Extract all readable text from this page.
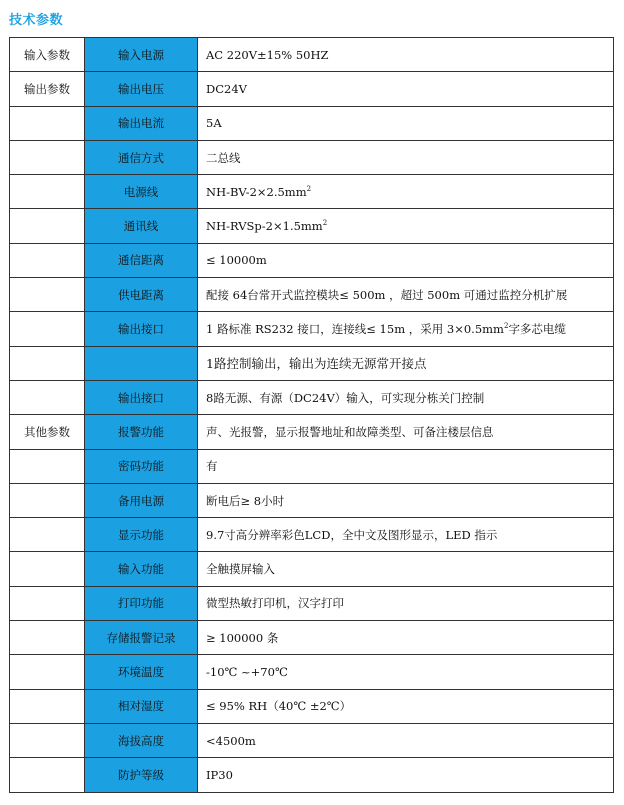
技术参数
输入参数	输入电源	AC 220V±15% 50HZ
输出参数	输出电压	DC24V
	输出电流	5A
	通信方式	二总线
	电源线	$NH-BV-2\times 2.5mm^2$
	通讯线	$NH-RVSp-2\times 1.5mm^2$
	通信距离	≤ 10000m
	供电距离	配接 64台常开式监控模块≤ 500m ，超过 500m 可通过监控分机扩展
	输出接口	1 路标准 RS232 接口，连接线≤ 15m ，采用 $3\times 0.5mm^2$字多芯电缆
		1路控制输出，输出为连续无源常开接点
	输出接口	8路无源、有源（DC24V）输入，可实现分栋关门控制
其他参数	报警功能	声、光报警，显示报警地址和故障类型、可备注楼层信息
	密码功能	有
	备用电源	断电后≥ 8小时
	显示功能	9.7寸高分辨率彩色LCD，全中文及图形显示，LED 指示
	输入功能	全触摸屏输入
	打印功能	微型热敏打印机，汉字打印
	存储报警记录	≥ 100000 条
	环境温度	-10℃ ~+70℃
	相对湿度	≤ 95% RH（40℃ ±2℃）
	海拔高度	<4500m
	防护等级	IP30
